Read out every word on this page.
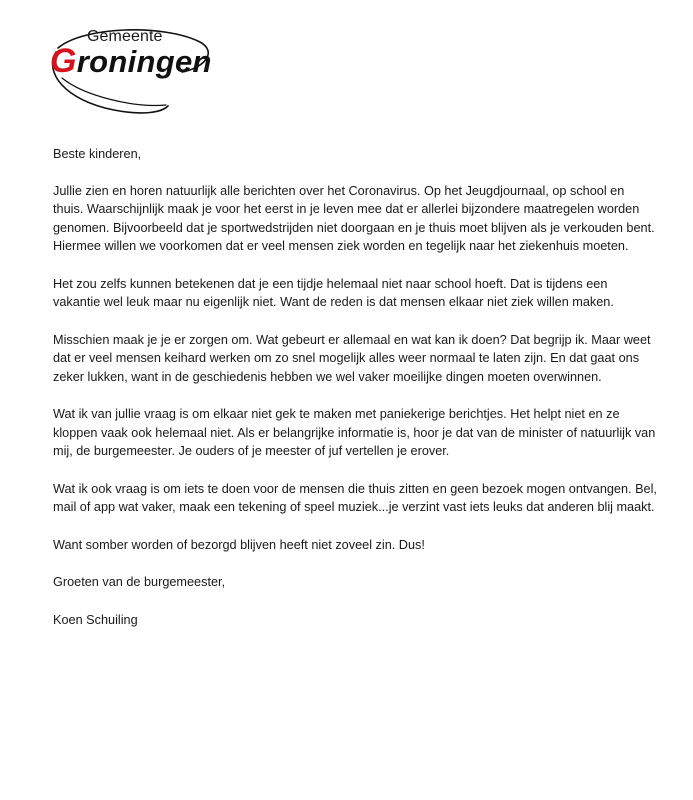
Gemeente
Groningen

Beste kinderen,

Jullie zien en horen natuurlijk alle berichten over het Coronavirus. Op het Jeugdjournaal, op school en thuis. Waarschijnlijk maak je voor het eerst in je leven mee dat er allerlei bijzondere maatregelen worden genomen. Bijvoorbeeld dat je sportwedstrijden niet doorgaan en je thuis moet blijven als je verkouden bent. Hiermee willen we voorkomen dat er veel mensen ziek worden en tegelijk naar het ziekenhuis moeten.

Het zou zelfs kunnen betekenen dat je een tijdje helemaal niet naar school hoeft. Dat is tijdens een vakantie wel leuk maar nu eigenlijk niet. Want de reden is dat mensen elkaar niet ziek willen maken.

Misschien maak je je er zorgen om. Wat gebeurt er allemaal en wat kan ik doen? Dat begrijp ik. Maar weet dat er veel mensen keihard werken om zo snel mogelijk alles weer normaal te laten zijn. En dat gaat ons zeker lukken, want in de geschiedenis hebben we wel vaker moeilijke dingen moeten overwinnen.

Wat ik van jullie vraag is om elkaar niet gek te maken met paniekerige berichtjes. Het helpt niet en ze kloppen vaak ook helemaal niet. Als er belangrijke informatie is, hoor je dat van de minister of natuurlijk van mij, de burgemeester. Je ouders of je meester of juf vertellen je erover.

Wat ik ook vraag is om iets te doen voor de mensen die thuis zitten en geen bezoek mogen ontvangen. Bel, mail of app wat vaker, maak een tekening of speel muziek...je verzint vast iets leuks dat anderen blij maakt.

Want somber worden of bezorgd blijven heeft niet zoveel zin. Dus!

Groeten van de burgemeester,

Koen Schuiling
